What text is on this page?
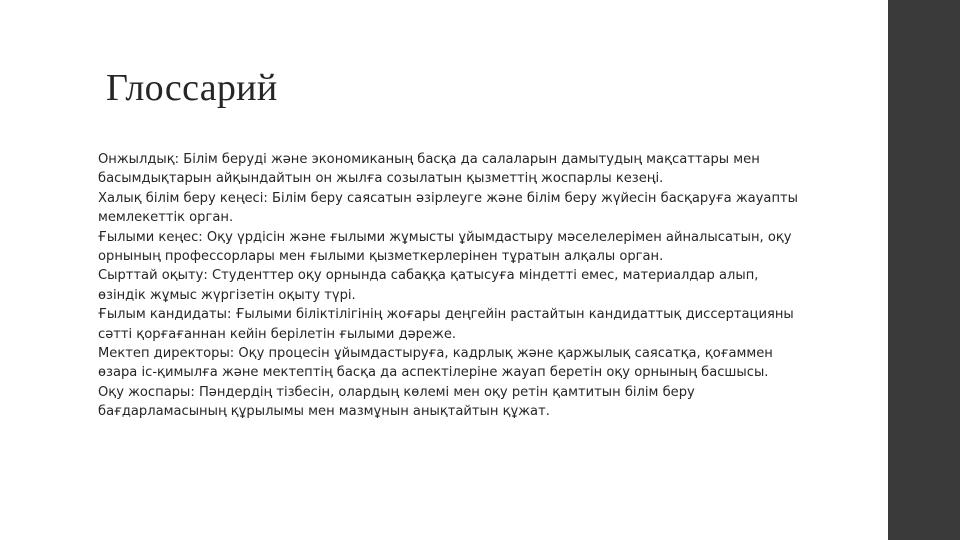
Глоссарий

Онжылдық: Білім беруді және экономиканың басқа да салаларын дамытудың мақсаттары мен басымдықтарын айқындайтын он жылға созылатын қызметтің жоспарлы кезеңі.

Халық білім беру кеңесі: Білім беру саясатын әзірлеуге және білім беру жүйесін басқаруға жауапты мемлекеттік орган.

Ғылыми кеңес: Оқу үрдісін және ғылыми жұмысты ұйымдастыру мәселелерімен айналысатын, оқу орнының профессорлары мен ғылыми қызметкерлерінен тұратын алқалы орган.

Сырттай оқыту: Студенттер оқу орнында сабаққа қатысуға міндетті емес, материалдар алып, өзіндік жұмыс жүргізетін оқыту түрі.

Ғылым кандидаты: Ғылыми біліктілігінің жоғары деңгейін растайтын кандидаттық диссертацияны сәтті қорғағаннан кейін берілетін ғылыми дәреже.

Мектеп директоры: Оқу процесін ұйымдастыруға, кадрлық және қаржылық саясатқа, қоғаммен өзара іс-қимылға және мектептің басқа да аспектілеріне жауап беретін оқу орнының басшысы.

Оқу жоспары: Пәндердің тізбесін, олардың көлемі мен оқу ретін қамтитын білім беру бағдарламасының құрылымы мен мазмұнын анықтайтын құжат.
